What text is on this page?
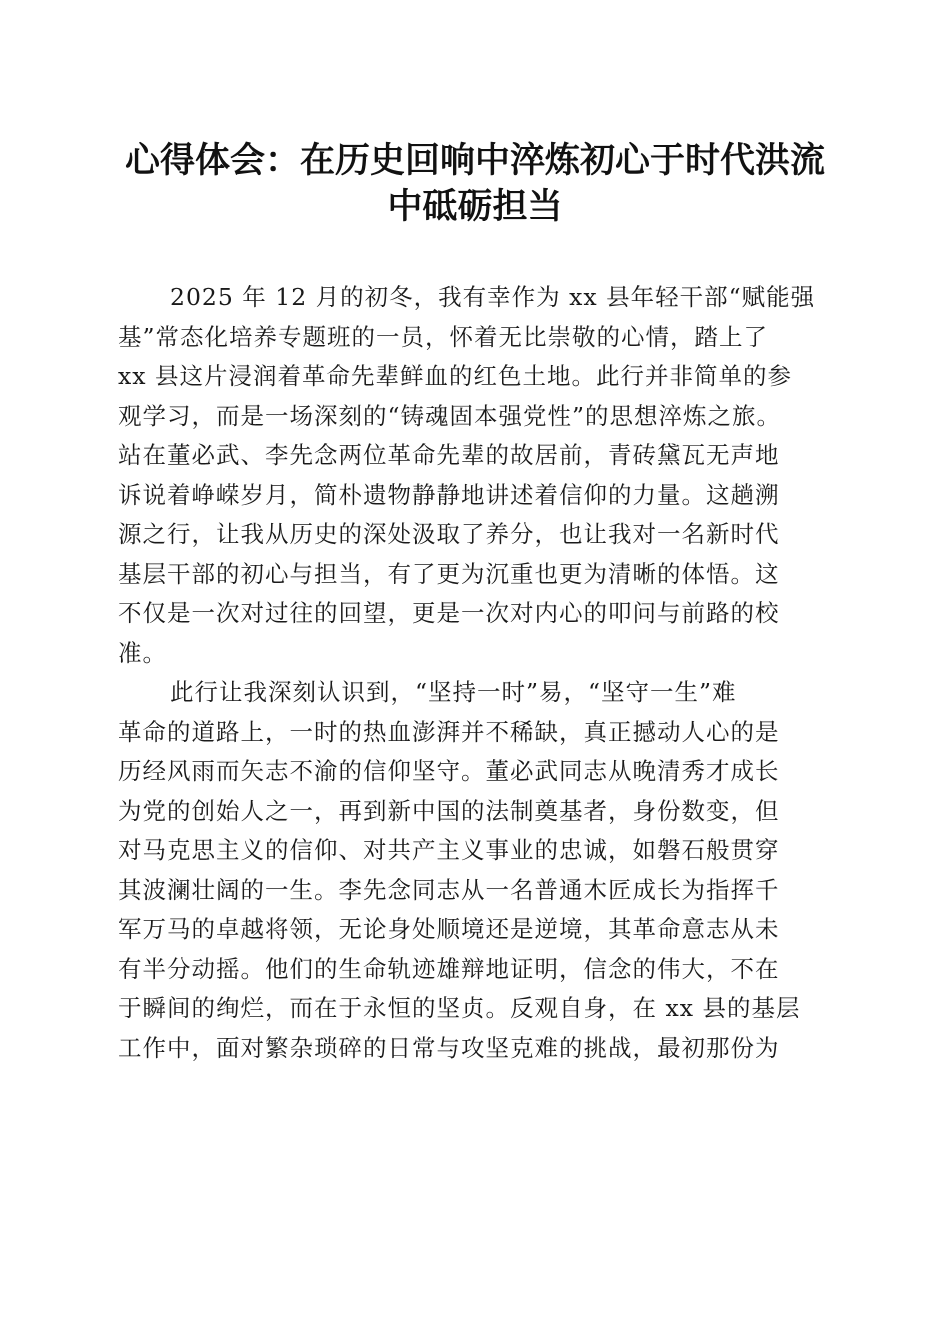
心得体会：在历史回响中淬炼初心于时代洪流
中砥砺担当
2025 年 12 月的初冬，我有幸作为 xx 县年轻干部“赋能强
基”常态化培养专题班的一员，怀着无比崇敬的心情，踏上了
xx 县这片浸润着革命先辈鲜血的红色土地。此行并非简单的参
观学习，而是一场深刻的“铸魂固本强党性”的思想淬炼之旅。
站在董必武、李先念两位革命先辈的故居前，青砖黛瓦无声地
诉说着峥嵘岁月，简朴遗物静静地讲述着信仰的力量。这趟溯
源之行，让我从历史的深处汲取了养分，也让我对一名新时代
基层干部的初心与担当，有了更为沉重也更为清晰的体悟。这
不仅是一次对过往的回望，更是一次对内心的叩问与前路的校
准。
此行让我深刻认识到，“坚持一时”易，“坚守一生”难
革命的道路上，一时的热血澎湃并不稀缺，真正撼动人心的是
历经风雨而矢志不渝的信仰坚守。董必武同志从晚清秀才成长
为党的创始人之一，再到新中国的法制奠基者，身份数变，但
对马克思主义的信仰、对共产主义事业的忠诚，如磐石般贯穿
其波澜壮阔的一生。李先念同志从一名普通木匠成长为指挥千
军万马的卓越将领，无论身处顺境还是逆境，其革命意志从未
有半分动摇。他们的生命轨迹雄辩地证明，信念的伟大，不在
于瞬间的绚烂，而在于永恒的坚贞。反观自身，在 xx 县的基层
工作中，面对繁杂琐碎的日常与攻坚克难的挑战，最初那份为
